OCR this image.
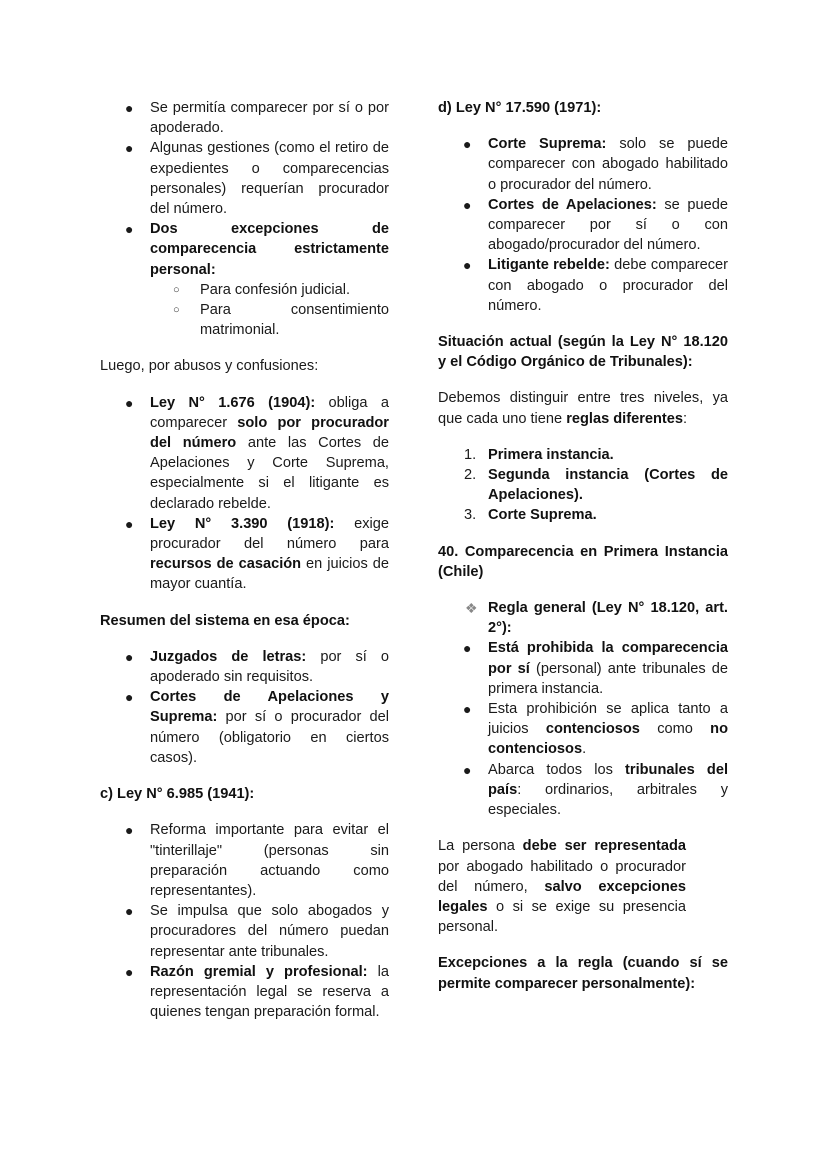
●	Se permitía comparecer por sí o por apoderado.
●	Algunas gestiones (como el retiro de expedientes o comparecencias personales) requerían procurador del número.
●	Dos excepciones de comparecencia estrictamente personal:
○	Para confesión judicial.
○	Para consentimiento matrimonial.

Luego, por abusos y confusiones:

●	Ley N° 1.676 (1904): obliga a comparecer solo por procurador del número ante las Cortes de Apelaciones y Corte Suprema, especialmente si el litigante es declarado rebelde.
●	Ley N° 3.390 (1918): exige procurador del número para recursos de casación en juicios de mayor cuantía.

Resumen del sistema en esa época:

●	Juzgados de letras: por sí o apoderado sin requisitos.
●	Cortes de Apelaciones y Suprema: por sí o procurador del número (obligatorio en ciertos casos).

c) Ley N° 6.985 (1941):

●	Reforma importante para evitar el "tinterillaje" (personas sin preparación actuando como representantes).
●	Se impulsa que solo abogados y procuradores del número puedan representar ante tribunales.
●	Razón gremial y profesional: la representación legal se reserva a quienes tengan preparación formal.

d) Ley N° 17.590 (1971):

●	Corte Suprema: solo se puede comparecer con abogado habilitado o procurador del número.
●	Cortes de Apelaciones: se puede comparecer por sí o con abogado/procurador del número.
●	Litigante rebelde: debe comparecer con abogado o procurador del número.

Situación actual (según la Ley N° 18.120 y el Código Orgánico de Tribunales):

Debemos distinguir entre tres niveles, ya que cada uno tiene reglas diferentes:

1. Primera instancia.
2. Segunda instancia (Cortes de Apelaciones).
3. Corte Suprema.

40. Comparecencia en Primera Instancia (Chile)

❖ Regla general (Ley N° 18.120, art. 2°):
●	Está prohibida la comparecencia por sí (personal) ante tribunales de primera instancia.
●	Esta prohibición se aplica tanto a juicios contenciosos como no contenciosos.
●	Abarca todos los tribunales del país: ordinarios, arbitrales y especiales.

La persona debe ser representada por abogado habilitado o procurador del número, salvo excepciones legales o si se exige su presencia personal.

Excepciones a la regla (cuando sí se permite comparecer personalmente):
